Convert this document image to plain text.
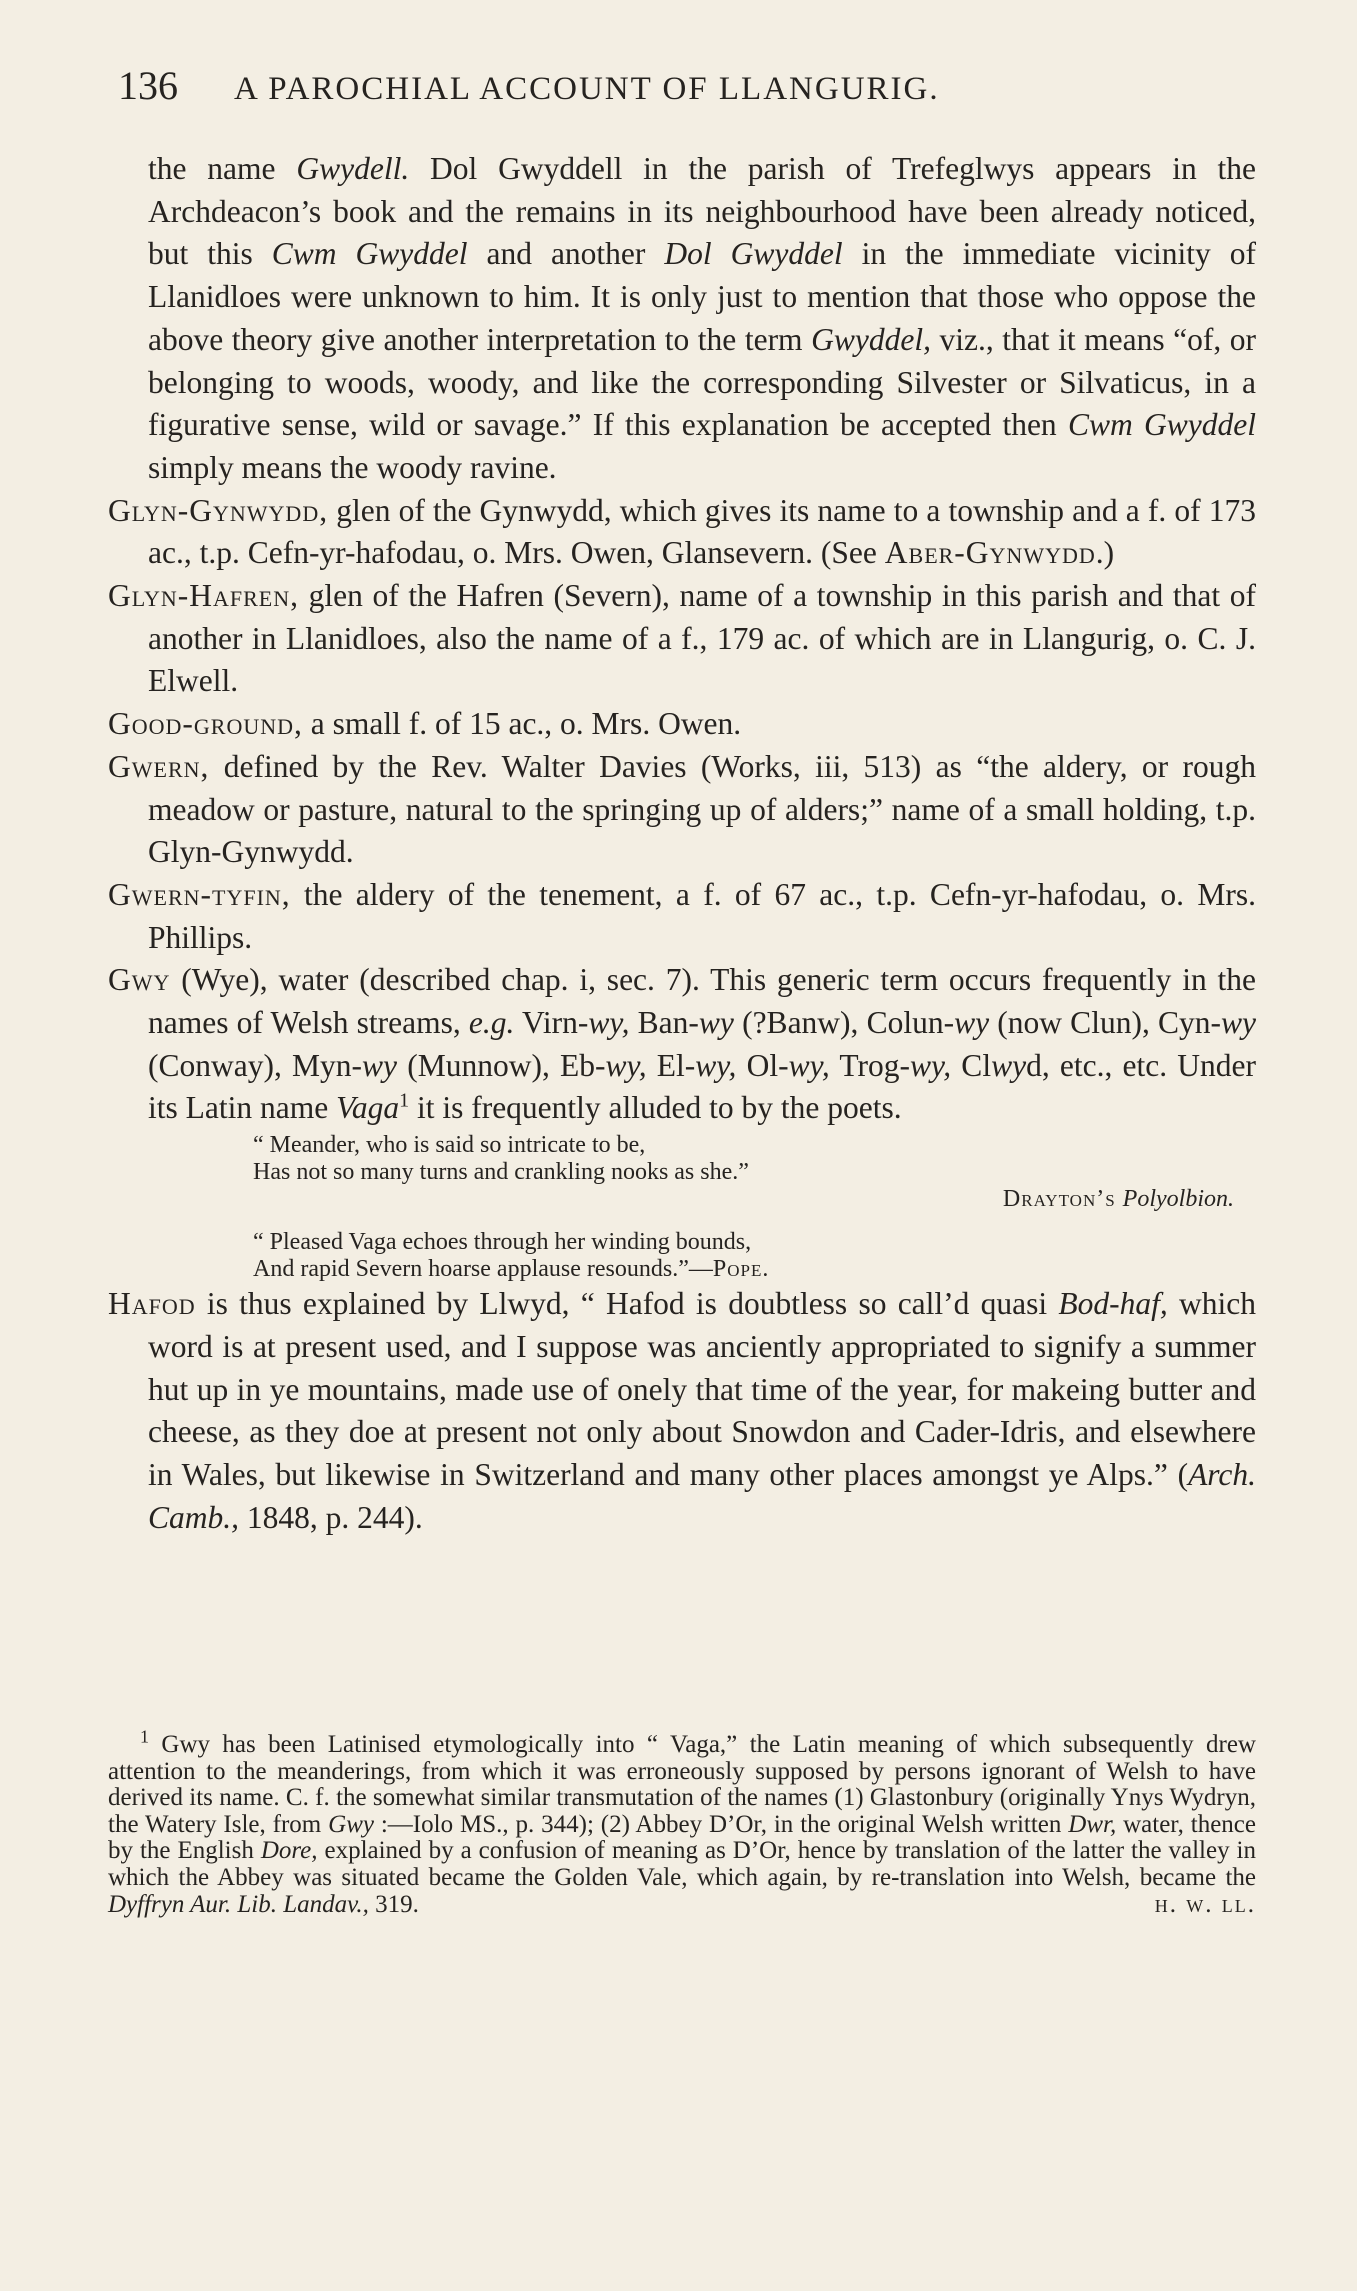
136 A PAROCHIAL ACCOUNT OF LLANGURIG.

the name Gwydell. Dol Gwyddell in the parish of Trefeglwys appears in the Archdeacon’s book and the remains in its neighbourhood have been already noticed, but this Cwm Gwyddel and another Dol Gwyddel in the immediate vicinity of Llanidloes were unknown to him. It is only just to mention that those who oppose the above theory give another interpretation to the term Gwyddel, viz., that it means “of, or belonging to woods, woody, and like the corresponding Silvester or Silvaticus, in a figurative sense, wild or savage.” If this explanation be accepted then Cwm Gwyddel simply means the woody ravine.

Glyn-Gynwydd, glen of the Gynwydd, which gives its name to a township and a f. of 173 ac., t.p. Cefn-yr-hafodau, o. Mrs. Owen, Glansevern. (See Aber-Gynwydd.)

Glyn-Hafren, glen of the Hafren (Severn), name of a township in this parish and that of another in Llanidloes, also the name of a f., 179 ac. of which are in Llangurig, o. C. J. Elwell.

Good-ground, a small f. of 15 ac., o. Mrs. Owen.

Gwern, defined by the Rev. Walter Davies (Works, iii, 513) as “the aldery, or rough meadow or pasture, natural to the springing up of alders;” name of a small holding, t.p. Glyn-Gynwydd.

Gwern-tyfin, the aldery of the tenement, a f. of 67 ac., t.p. Cefn-yr-hafodau, o. Mrs. Phillips.

Gwy (Wye), water (described chap. i, sec. 7). This generic term occurs frequently in the names of Welsh streams, e.g. Virn-wy, Ban-wy (?Banw), Colun-wy (now Clun), Cyn-wy (Conway), Myn-wy (Munnow), Eb-wy, El-wy, Ol-wy, Trog-wy, Clwyd, etc., etc. Under its Latin name Vaga$^1$ it is frequently alluded to by the poets.

“ Meander, who is said so intricate to be,
Has not so many turns and crankling nooks as she.”
Drayton’s Polyolbion.
“ Pleased Vaga echoes through her winding bounds,
And rapid Severn hoarse applause resounds.”—Pope.

Hafod is thus explained by Llwyd, “ Hafod is doubtless so call’d quasi Bod-haf, which word is at present used, and I suppose was anciently appropriated to signify a summer hut up in ye mountains, made use of onely that time of the year, for makeing butter and cheese, as they doe at present not only about Snowdon and Cader-Idris, and elsewhere in Wales, but likewise in Switzerland and many other places amongst ye Alps.” (Arch. Camb., 1848, p. 244).

$^1$ Gwy has been Latinised etymologically into “ Vaga,” the Latin meaning of which subsequently drew attention to the meanderings, from which it was erroneously supposed by persons ignorant of Welsh to have derived its name. C. f. the somewhat similar transmutation of the names (1) Glastonbury (originally Ynys Wydryn, the Watery Isle, from Gwy :—Iolo MS., p. 344); (2) Abbey D’Or, in the original Welsh written Dwr, water, thence by the English Dore, explained by a confusion of meaning as D’Or, hence by translation of the latter the valley in which the Abbey was situated became the Golden Vale, which again, by re-translation into Welsh, became the Dyffryn Aur. Lib. Landav., 319.	h. w. ll.
